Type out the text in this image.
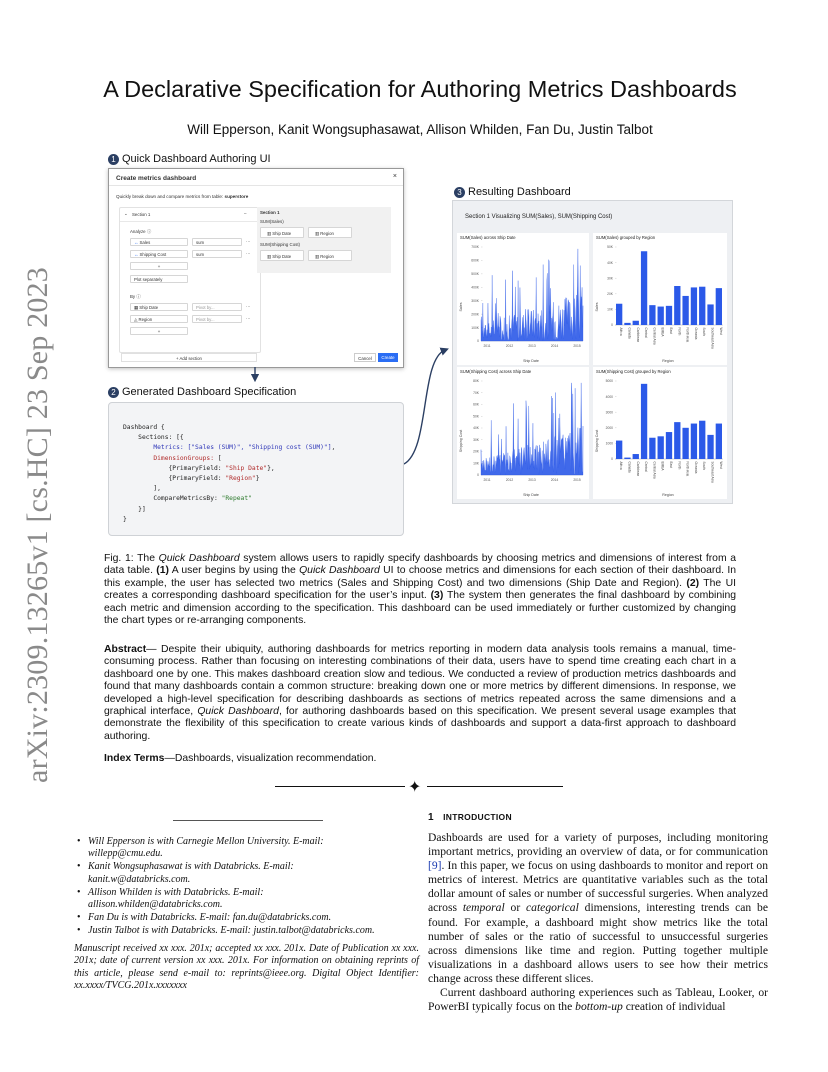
arXiv:2309.13265v1 [cs.HC] 23 Sep 2023
A Declarative Specification for Authoring Metrics Dashboards
Will Epperson, Kanit Wongsuphasawat, Allison Whilden, Fan Du, Justin Talbot
1 Quick Dashboard Authoring UI
3 Resulting Dashboard
2 Generated Dashboard Specification
Create metrics dashboard	×
Quickly break down and compare metrics from table: superstore
⌄ Section 1	–
Analyze ⓘ
↔ Sales	sum	···
↔ Shipping Cost	sum	···
+
Plot separately
By ⓘ
▦ Ship Date	Pivot by...	···
◬ Region	Pivot by...	···
+
Section 1
SUM(Sales)
▥ Ship Date	▥ Region
SUM(Shipping Cost)
▥ Ship Date	▥ Region
+ Add section	Cancel	Create
Dashboard {
Sections: [{
Metrics: ["Sales (SUM)", "Shipping cost (SUM)"],
DimensionGroups: [
{PrimaryField: "Ship Date"},
{PrimaryField: "Region"}
],
CompareMetricsBy: "Repeat"
}]
}
Section 1 Visualizing SUM(Sales), SUM(Shipping Cost)
SUM(Sales) across Ship Date
0
100K
200K
300K
400K
500K
600K
700K
2011	2012	2013	2014	2015
Ship Date
Sales
SUM(Sales) grouped by Region
0
10K
20K
30K
40K
50K
Africa Canada Caribbean Central Central Asia EMEA East North North Asia Oceania South Southeast Asia West
Region
Sales
SUM(Shipping Cost) across Ship Date
0
10K
20K
30K
40K
50K
60K
70K
80K
2011	2012	2013	2014	2015
Ship Date
Shipping Cost
SUM(Shipping Cost) grouped by Region
0
1000
2000
3000
4000
5000
Africa Canada Caribbean Central Central Asia EMEA East North North Asia Oceania South Southeast Asia West
Region
Shipping Cost
Fig. 1: The Quick Dashboard system allows users to rapidly specify dashboards by choosing metrics and dimensions of interest from a data table. (1) A user begins by using the Quick Dashboard UI to choose metrics and dimensions for each section of their dashboard. In this example, the user has selected two metrics (Sales and Shipping Cost) and two dimensions (Ship Date and Region). (2) The UI creates a corresponding dashboard specification for the user’s input. (3) The system then generates the final dashboard by combining each metric and dimension according to the specification. This dashboard can be used immediately or further customized by changing the chart types or re-arranging components.
Abstract— Despite their ubiquity, authoring dashboards for metrics reporting in modern data analysis tools remains a manual, time-consuming process. Rather than focusing on interesting combinations of their data, users have to spend time creating each chart in a dashboard one by one. This makes dashboard creation slow and tedious. We conducted a review of production metrics dashboards and found that many dashboards contain a common structure: breaking down one or more metrics by different dimensions. In response, we developed a high-level specification for describing dashboards as sections of metrics repeated across the same dimensions and a graphical interface, Quick Dashboard, for authoring dashboards based on this specification. We present several usage examples that demonstrate the flexibility of this specification to create various kinds of dashboards and support a data-first approach to dashboard authoring.
Index Terms—Dashboards, visualization recommendation.
✦
• Will Epperson is with Carnegie Mellon University. E-mail:
willepp@cmu.edu.
• Kanit Wongsuphasawat is with Databricks. E-mail:
kanit.w@databricks.com.
• Allison Whilden is with Databricks. E-mail:
allison.whilden@databricks.com.
• Fan Du is with Databricks. E-mail: fan.du@databricks.com.
• Justin Talbot is with Databricks. E-mail: justin.talbot@databricks.com.
Manuscript received xx xxx. 201x; accepted xx xxx. 201x. Date of Publication xx xxx. 201x; date of current version xx xxx. 201x. For information on obtaining reprints of this article, please send e-mail to: reprints@ieee.org. Digital Object Identifier: xx.xxxx/TVCG.201x.xxxxxxx
1 INTRODUCTION

Dashboards are used for a variety of purposes, including monitoring important metrics, providing an overview of data, or for communication [9]. In this paper, we focus on using dashboards to monitor and report on metrics of interest. Metrics are quantitative variables such as the total dollar amount of sales or number of successful surgeries. When analyzed across temporal or categorical dimensions, interesting trends can be found. For example, a dashboard might show metrics like the total number of sales or the ratio of successful to unsuccessful surgeries across dimensions like time and region. Putting together multiple visualizations in a dashboard allows users to see how their metrics change across these different slices.

Current dashboard authoring experiences such as Tableau, Looker, or PowerBI typically focus on the bottom-up creation of individual
